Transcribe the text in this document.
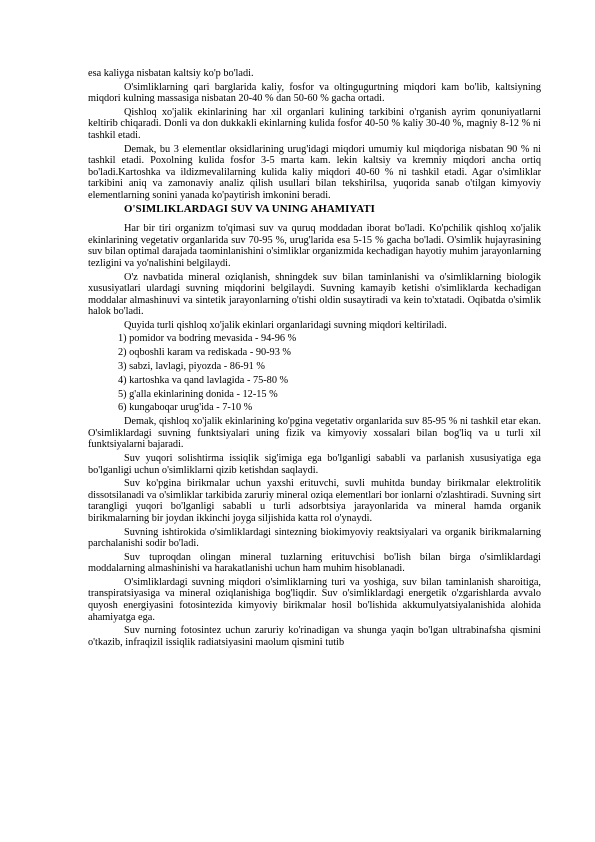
esa kaliyga nisbatan kaltsiy ko'p bo'ladi.

O'simliklarning qari barglarida kaliy, fosfor va oltingugurtning miqdori kam bo'lib, kaltsiyning miqdori kulning massasiga nisbatan 20-40 % dan 50-60 % gacha ortadi.

Qishloq xo'jalik ekinlarining har xil organlari kulining tarkibini o'rganish ayrim qonuniyatlarni keltirib chiqaradi. Donli va don dukkakli ekinlarning kulida fosfor 40-50 % kaliy 30-40 %, magniy 8-12 % ni tashkil etadi.

Demak, bu 3 elementlar oksidlarining urug'idagi miqdori umumiy kul miqdoriga nisbatan 90 % ni tashkil etadi. Poxolning kulida fosfor 3-5 marta kam. lekin kaltsiy va kremniy miqdori ancha ortiq bo'ladi.Kartoshka va ildizmevalilarning kulida kaliy miqdori 40-60 % ni tashkil etadi. Agar o'simliklar tarkibini aniq va zamonaviy analiz qilish usullari bilan tekshirilsa, yuqorida sanab o'tilgan kimyoviy elementlarning sonini yanada ko'paytirish imkonini beradi.

O'SIMLIKLARDAGI SUV VA UNING AHAMIYATI

Har bir tiri organizm to'qimasi suv va quruq moddadan iborat bo'ladi. Ko'pchilik qishloq xo'jalik ekinlarining vegetativ organlarida suv 70-95 %, urug'larida esa 5-15 % gacha bo'ladi. O'simlik hujayrasining suv bilan optimal darajada taominlanishini o'simliklar organizmida kechadigan hayotiy muhim jarayonlarning tezligini va yo'nalishini belgilaydi.

O'z navbatida mineral oziqlanish, shningdek suv bilan taminlanishi va o'simliklarning biologik xususiyatlari ulardagi suvning miqdorini belgilaydi. Suvning kamayib ketishi o'simliklarda kechadigan moddalar almashinuvi va sintetik jarayonlarning o'tishi oldin susaytiradi va kein to'xtatadi. Oqibatda o'simlik halok bo'ladi.

Quyida turli qishloq xo'jalik ekinlari organlaridagi suvning miqdori keltiriladi.

1) pomidor va bodring mevasida - 94-96 %
2) oqboshli karam va rediskada - 90-93 %
3) sabzi, lavlagi, piyozda - 86-91 %
4) kartoshka va qand lavlagida - 75-80 %
5) g'alla ekinlarining donida - 12-15 %
6) kungaboqar urug'ida - 7-10 %

Demak, qishloq xo'jalik ekinlarining ko'pgina vegetativ organlarida suv 85-95 % ni tashkil etar ekan. O'simliklardagi suvning funktsiyalari uning fizik va kimyoviy xossalari bilan bog'liq va u turli xil funktsiyalarni bajaradi.

Suv yuqori solishtirma issiqlik sig'imiga ega bo'lganligi sababli va parlanish xususiyatiga ega bo'lganligi uchun o'simliklarni qizib ketishdan saqlaydi.

Suv ko'pgina birikmalar uchun yaxshi erituvchi, suvli muhitda bunday birikmalar elektrolitik dissotsilanadi va o'simliklar tarkibida zaruriy mineral oziqa elementlari bor ionlarni o'zlashtiradi. Suvning sirt tarangligi yuqori bo'lganligi sababli u turli adsorbtsiya jarayonlarida va mineral hamda organik birikmalarning bir joydan ikkinchi joyga siljishida katta rol o'ynaydi.

Suvning ishtirokida o'simliklardagi sintezning biokimyoviy reaktsiyalari va organik birikmalarning parchalanishi sodir bo'ladi.

Suv tuproqdan olingan mineral tuzlarning erituvchisi bo'lish bilan birga o'simliklardagi moddalarning almashinishi va harakatlanishi uchun ham muhim hisoblanadi.

O'simliklardagi suvning miqdori o'simliklarning turi va yoshiga, suv bilan taminlanish sharoitiga, transpiratsiyasiga va mineral oziqlanishiga bog'liqdir. Suv o'simliklardagi energetik o'zgarishlarda avvalo quyosh energiyasini fotosintezida kimyoviy birikmalar hosil bo'lishida akkumulyatsiyalanishida alohida ahamiyatga ega.

Suv nurning fotosintez uchun zaruriy ko'rinadigan va shunga yaqin bo'lgan ultrabinafsha qismini o'tkazib, infraqizil issiqlik radiatsiyasini maolum qismini tutib
